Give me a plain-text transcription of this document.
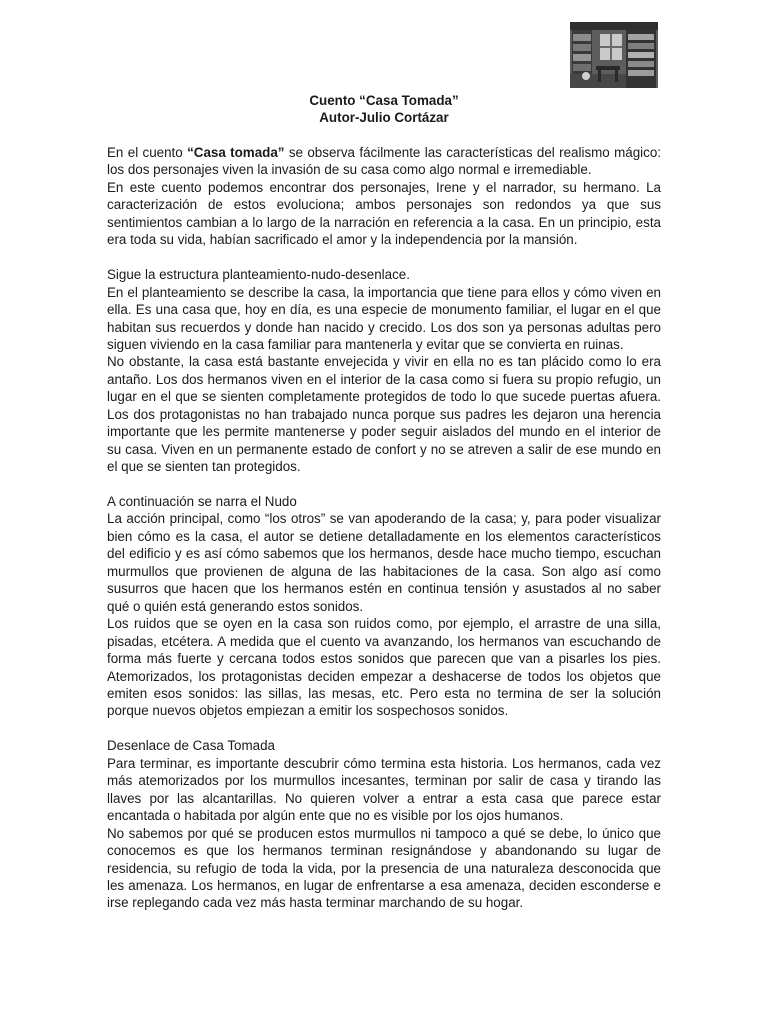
Cuento “Casa Tomada”
Autor-Julio Cortázar

En el cuento “Casa tomada” se observa fácilmente las características del realismo mágico: los dos personajes viven la invasión de su casa como algo normal e irremediable.

En este cuento podemos encontrar dos personajes, Irene y el narrador, su hermano. La caracterización de estos evoluciona; ambos personajes son redondos ya que sus sentimientos cambian a lo largo de la narración en referencia a la casa. En un principio, esta era toda su vida, habían sacrificado el amor y la independencia por la mansión.

Sigue la estructura planteamiento-nudo-desenlace.

En el planteamiento se describe la casa, la importancia que tiene para ellos y cómo viven en ella. Es una casa que, hoy en día, es una especie de monumento familiar, el lugar en el que habitan sus recuerdos y donde han nacido y crecido. Los dos son ya personas adultas pero siguen viviendo en la casa familiar para mantenerla y evitar que se convierta en ruinas.

No obstante, la casa está bastante envejecida y vivir en ella no es tan plácido como lo era antaño. Los dos hermanos viven en el interior de la casa como si fuera su propio refugio, un lugar en el que se sienten completamente protegidos de todo lo que sucede puertas afuera. Los dos protagonistas no han trabajado nunca porque sus padres les dejaron una herencia importante que les permite mantenerse y poder seguir aislados del mundo en el interior de su casa. Viven en un permanente estado de confort y no se atreven a salir de ese mundo en el que se sienten tan protegidos.

A continuación se narra el Nudo

La acción principal, como “los otros” se van apoderando de la casa; y, para poder visualizar bien cómo es la casa, el autor se detiene detalladamente en los elementos característicos del edificio y es así cómo sabemos que los hermanos, desde hace mucho tiempo, escuchan murmullos que provienen de alguna de las habitaciones de la casa. Son algo así como susurros que hacen que los hermanos estén en continua tensión y asustados al no saber qué o quién está generando estos sonidos.

Los ruidos que se oyen en la casa son ruidos como, por ejemplo, el arrastre de una silla, pisadas, etcétera. A medida que el cuento va avanzando, los hermanos van escuchando de forma más fuerte y cercana todos estos sonidos que parecen que van a pisarles los pies. Atemorizados, los protagonistas deciden empezar a deshacerse de todos los objetos que emiten esos sonidos: las sillas, las mesas, etc. Pero esta no termina de ser la solución porque nuevos objetos empiezan a emitir los sospechosos sonidos.

Desenlace de Casa Tomada

Para terminar, es importante descubrir cómo termina esta historia. Los hermanos, cada vez más atemorizados por los murmullos incesantes, terminan por salir de casa y tirando las llaves por las alcantarillas. No quieren volver a entrar a esta casa que parece estar encantada o habitada por algún ente que no es visible por los ojos humanos.

No sabemos por qué se producen estos murmullos ni tampoco a qué se debe, lo único que conocemos es que los hermanos terminan resignándose y abandonando su lugar de residencia, su refugio de toda la vida, por la presencia de una naturaleza desconocida que les amenaza. Los hermanos, en lugar de enfrentarse a esa amenaza, deciden esconderse e irse replegando cada vez más hasta terminar marchando de su hogar.
